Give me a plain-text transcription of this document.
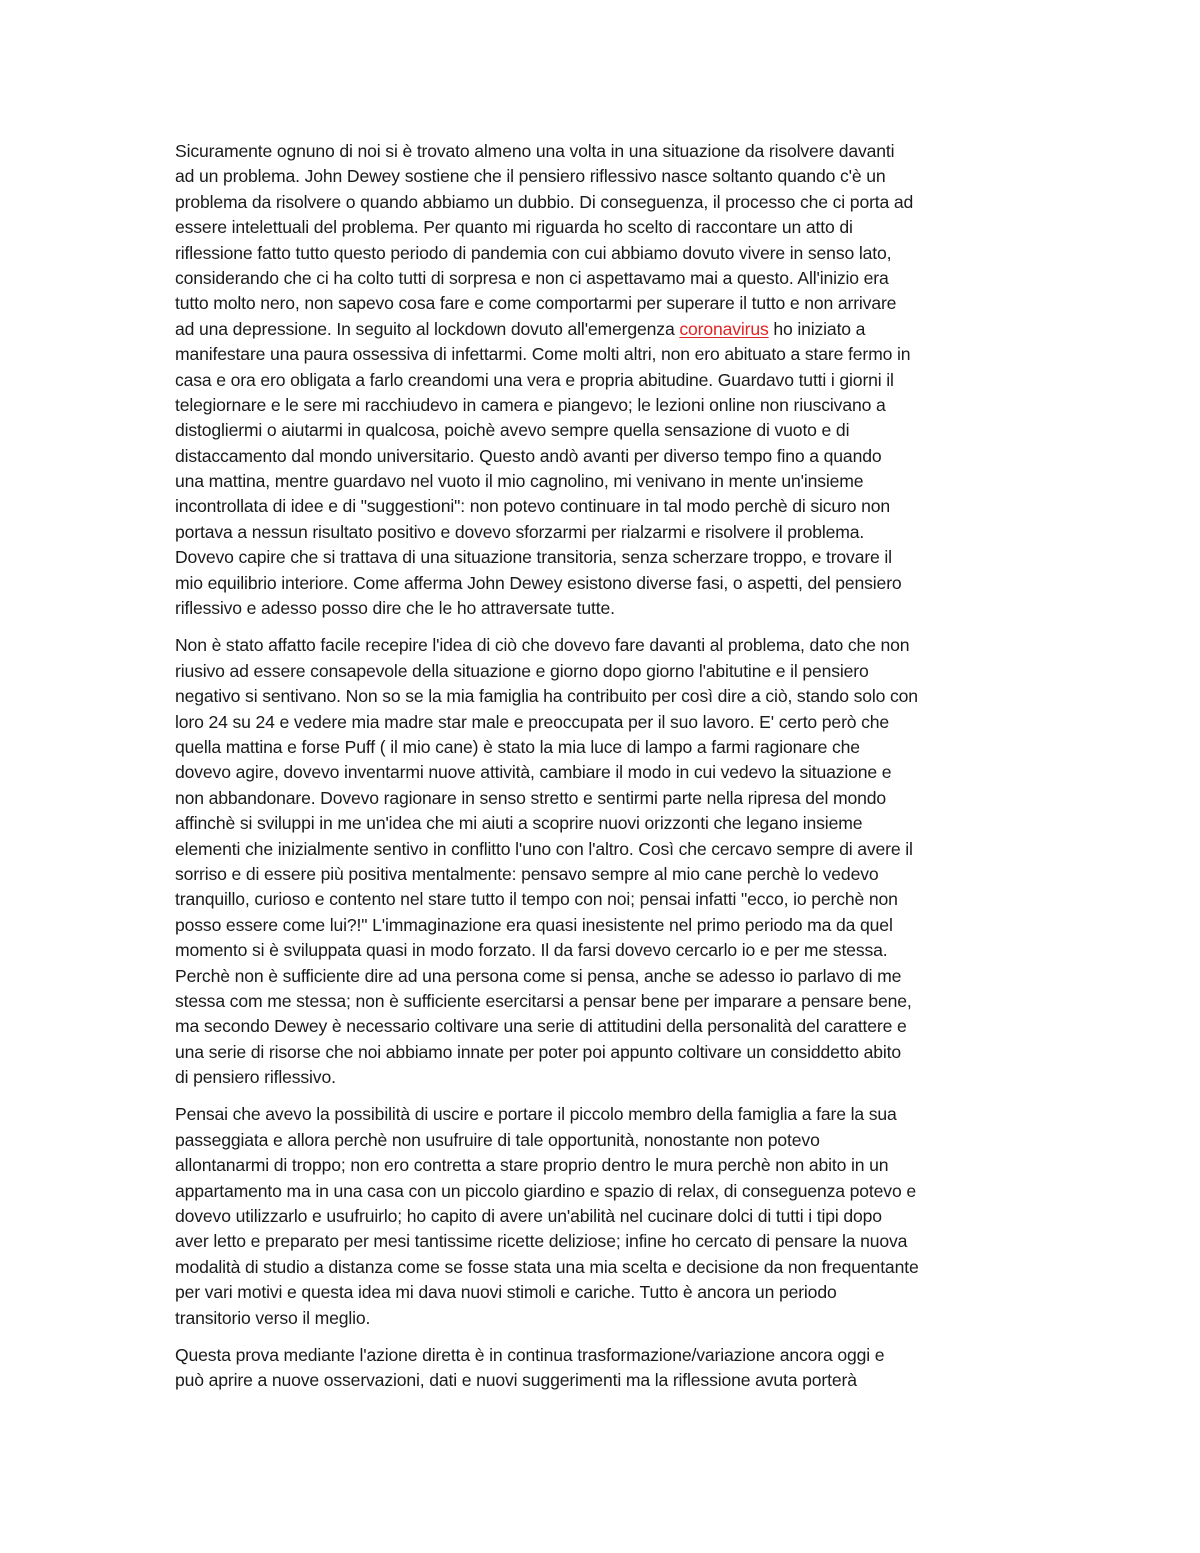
Sicuramente ognuno di noi si è trovato almeno una volta in una situazione da risolvere davanti
ad un problema. John Dewey sostiene che il pensiero riflessivo nasce soltanto quando c'è un
problema da risolvere o quando abbiamo un dubbio. Di conseguenza, il processo che ci porta ad
essere intelettuali del problema. Per quanto mi riguarda ho scelto di raccontare un atto di
riflessione fatto tutto questo periodo di pandemia con cui abbiamo dovuto vivere in senso lato,
considerando che ci ha colto tutti di sorpresa e non ci aspettavamo mai a questo. All'inizio era
tutto molto nero, non sapevo cosa fare e come comportarmi per superare il tutto e non arrivare
ad una depressione. In seguito al lockdown dovuto all'emergenza coronavirus ho iniziato a
manifestare una paura ossessiva di infettarmi. Come molti altri, non ero abituato a stare fermo in
casa e ora ero obligata a farlo creandomi una vera e propria abitudine. Guardavo tutti i giorni il
telegiornare e le sere mi racchiudevo in camera e piangevo; le lezioni online non riuscivano a
distogliermi o aiutarmi in qualcosa, poichè avevo sempre quella sensazione di vuoto e di
distaccamento dal mondo universitario. Questo andò avanti per diverso tempo fino a quando
una mattina, mentre guardavo nel vuoto il mio cagnolino, mi venivano in mente un'insieme
incontrollata di idee e di "suggestioni": non potevo continuare in tal modo perchè di sicuro non
portava a nessun risultato positivo e dovevo sforzarmi per rialzarmi e risolvere il problema.
Dovevo capire che si trattava di una situazione transitoria, senza scherzare troppo, e trovare il
mio equilibrio interiore. Come afferma John Dewey esistono diverse fasi, o aspetti, del pensiero
riflessivo e adesso posso dire che le ho attraversate tutte.
Non è stato affatto facile recepire l'idea di ciò che dovevo fare davanti al problema, dato che non
riusivo ad essere consapevole della situazione e giorno dopo giorno l'abitutine e il pensiero
negativo si sentivano. Non so se la mia famiglia ha contribuito per così dire a ciò, stando solo con
loro 24 su 24 e vedere mia madre star male e preoccupata per il suo lavoro. E' certo però che
quella mattina e forse Puff ( il mio cane) è stato la mia luce di lampo a farmi ragionare che
dovevo agire, dovevo inventarmi nuove attività, cambiare il modo in cui vedevo la situazione e
non abbandonare. Dovevo ragionare in senso stretto e sentirmi parte nella ripresa del mondo
affinchè si sviluppi in me un'idea che mi aiuti a scoprire nuovi orizzonti che legano insieme
elementi che inizialmente sentivo in conflitto l'uno con l'altro. Così che cercavo sempre di avere il
sorriso e di essere più positiva mentalmente: pensavo sempre al mio cane perchè lo vedevo
tranquillo, curioso e contento nel stare tutto il tempo con noi; pensai infatti "ecco, io perchè non
posso essere come lui?!" L'immaginazione era quasi inesistente nel primo periodo ma da quel
momento si è sviluppata quasi in modo forzato. Il da farsi dovevo cercarlo io e per me stessa.
Perchè non è sufficiente dire ad una persona come si pensa, anche se adesso io parlavo di me
stessa com me stessa; non è sufficiente esercitarsi a pensar bene per imparare a pensare bene,
ma secondo Dewey è necessario coltivare una serie di attitudini della personalità del carattere e
una serie di risorse che noi abbiamo innate per poter poi appunto coltivare un considdetto abito
di pensiero riflessivo.
Pensai che avevo la possibilità di uscire e portare il piccolo membro della famiglia a fare la sua
passeggiata e allora perchè non usufruire di tale opportunità, nonostante non potevo
allontanarmi di troppo; non ero contretta a stare proprio dentro le mura perchè non abito in un
appartamento ma in una casa con un piccolo giardino e spazio di relax, di conseguenza potevo e
dovevo utilizzarlo e usufruirlo; ho capito di avere un'abilità nel cucinare dolci di tutti i tipi dopo
aver letto e preparato per mesi tantissime ricette deliziose; infine ho cercato di pensare la nuova
modalità di studio a distanza come se fosse stata una mia scelta e decisione da non frequentante
per vari motivi e questa idea mi dava nuovi stimoli e cariche. Tutto è ancora un periodo
transitorio verso il meglio.
Questa prova mediante l'azione diretta è in continua trasformazione/variazione ancora oggi e
può aprire a nuove osservazioni, dati e nuovi suggerimenti ma la riflessione avuta porterà
